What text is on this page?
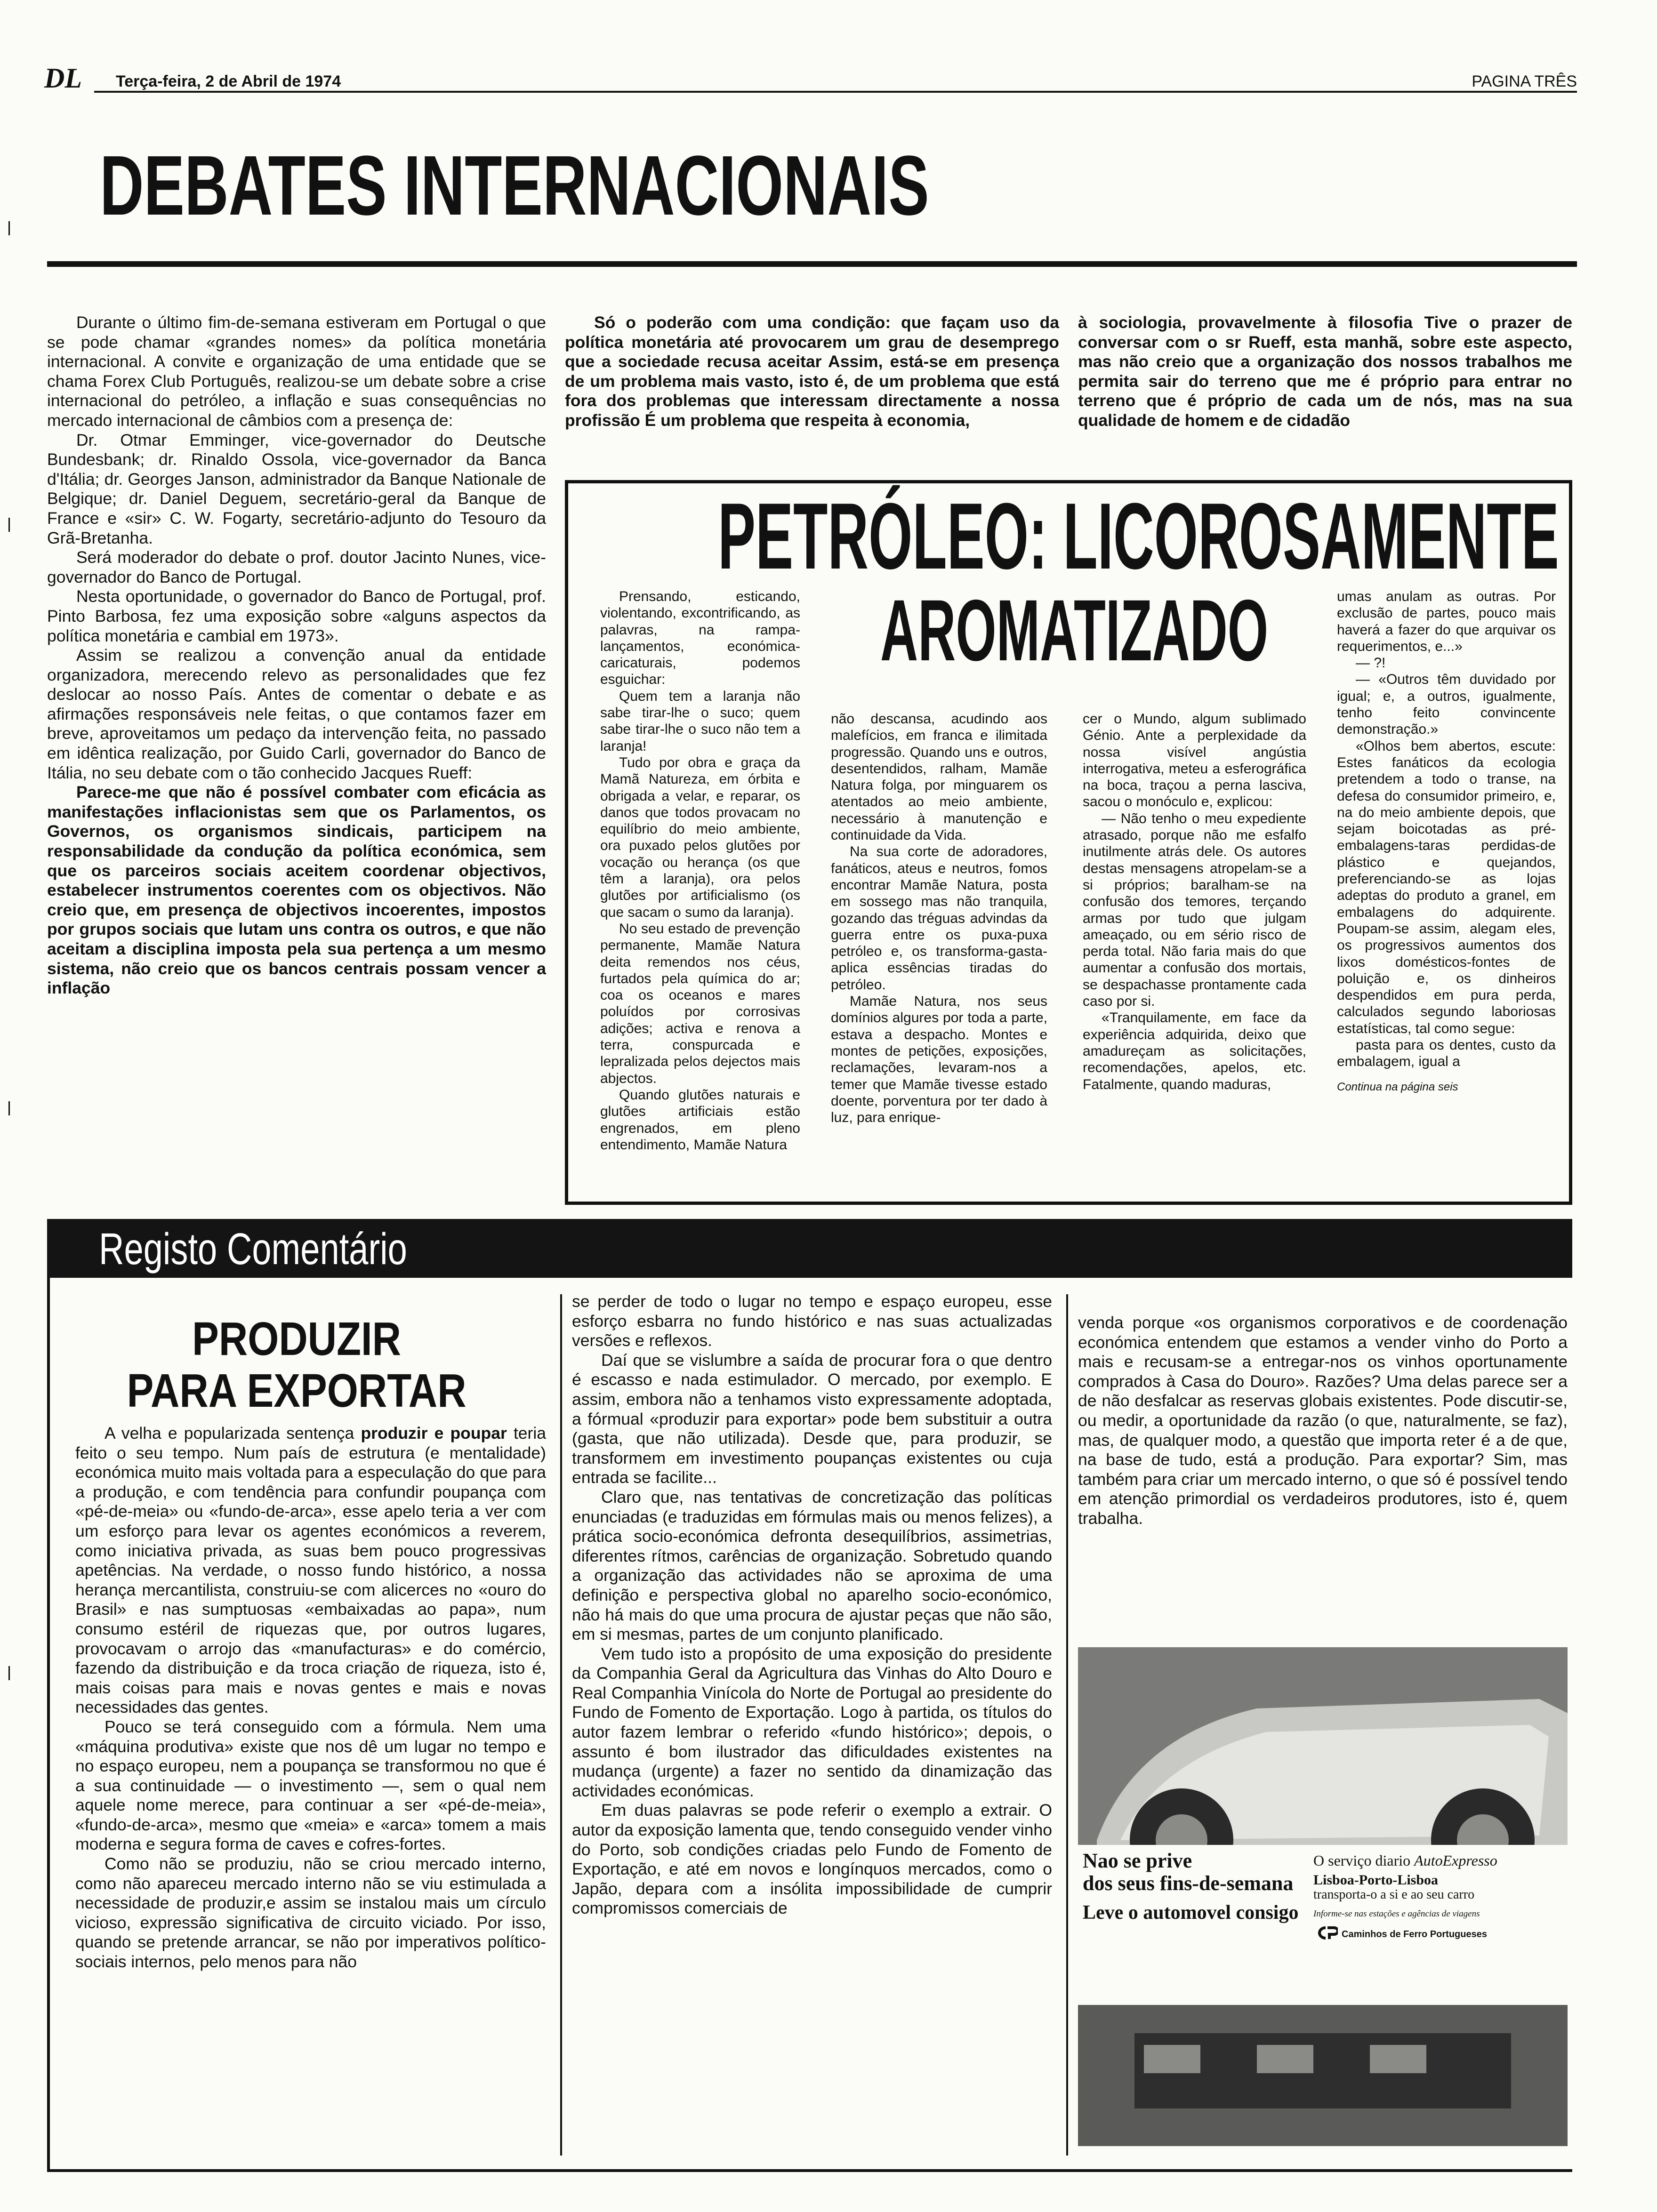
DL Terça-feira, 2 de Abril de 1974	PAGINA TRÊS
DEBATES INTERNACIONAIS

Durante o último fim-de-semana estiveram em Portugal o que se pode chamar «grandes nomes» da política monetária internacional. A convite e organização de uma entidade que se chama Forex Club Português, realizou-se um debate sobre a crise internacional do petróleo, a inflação e suas consequências no mercado internacional de câmbios com a presença de:

Dr. Otmar Emminger, vice-governador do Deutsche Bundesbank; dr. Rinaldo Ossola, vice-governador da Banca d'Itália; dr. Georges Janson, administrador da Banque Nationale de Belgique; dr. Daniel Deguem, secretário-geral da Banque de France e «sir» C. W. Fogarty, secretário-adjunto do Tesouro da Grã-Bretanha.

Será moderador do debate o prof. doutor Jacinto Nunes, vice-governador do Banco de Portugal.

Nesta oportunidade, o governador do Banco de Portugal, prof. Pinto Barbosa, fez uma exposição sobre «alguns aspectos da política monetária e cambial em 1973».

Assim se realizou a convenção anual da entidade organizadora, merecendo relevo as personalidades que fez deslocar ao nosso País. Antes de comentar o debate e as afirmações responsáveis nele feitas, o que contamos fazer em breve, aproveitamos um pedaço da intervenção feita, no passado em idêntica realização, por Guido Carli, governador do Banco de Itália, no seu debate com o tão conhecido Jacques Rueff:

Parece-me que não é possível combater com eficácia as manifestações inflacionistas sem que os Parlamentos, os Governos, os organismos sindicais, participem na responsabilidade da condução da política económica, sem que os parceiros sociais aceitem coordenar objectivos, estabelecer instrumentos coerentes com os objectivos. Não creio que, em presença de objectivos incoerentes, impostos por grupos sociais que lutam uns contra os outros, e que não aceitam a disciplina imposta pela sua pertença a um mesmo sistema, não creio que os bancos centrais possam vencer a inflação

Só o poderão com uma condição: que façam uso da política monetária até provocarem um grau de desemprego que a sociedade recusa aceitar Assim, está-se em presença de um problema mais vasto, isto é, de um problema que está fora dos problemas que interessam directamente a nossa profissão É um problema que respeita à economia,

à sociologia, provavelmente à filosofia Tive o prazer de conversar com o sr Rueff, esta manhã, sobre este aspecto, mas não creio que a organização dos nossos trabalhos me permita sair do terreno que me é próprio para entrar no terreno que é próprio de cada um de nós, mas na sua qualidade de homem e de cidadão

PETRÓLEO: LICOROSAMENTE
AROMATIZADO

Prensando, esticando, violentando, excontrificando, as palavras, na rampa-lançamentos, económica-caricaturais, podemos esguichar:

Quem tem a laranja não sabe tirar-lhe o suco; quem sabe tirar-lhe o suco não tem a laranja!

Tudo por obra e graça da Mamã Natureza, em órbita e obrigada a velar, e reparar, os danos que todos provacam no equilíbrio do meio ambiente, ora puxado pelos glutões por vocação ou herança (os que têm a laranja), ora pelos glutões por artificialismo (os que sacam o sumo da laranja).

No seu estado de prevenção permanente, Mamãe Natura deita remendos nos céus, furtados pela química do ar; coa os oceanos e mares poluídos por corrosivas adições; activa e renova a terra, conspurcada e lepralizada pelos dejectos mais abjectos.

Quando glutões naturais e glutões artificiais estão engrenados, em pleno entendimento, Mamãe Natura

não descansa, acudindo aos malefícios, em franca e ilimitada progressão. Quando uns e outros, desentendidos, ralham, Mamãe Natura folga, por minguarem os atentados ao meio ambiente, necessário à manutenção e continuidade da Vida.

Na sua corte de adoradores, fanáticos, ateus e neutros, fomos encontrar Mamãe Natura, posta em sossego mas não tranquila, gozando das tréguas advindas da guerra entre os puxa-puxa petróleo e, os transforma-gasta-aplica essências tiradas do petróleo.

Mamãe Natura, nos seus domínios algures por toda a parte, estava a despacho. Montes e montes de petições, exposições, reclamações, levaram-nos a temer que Mamãe tivesse estado doente, porventura por ter dado à luz, para enrique-

cer o Mundo, algum sublimado Génio. Ante a perplexidade da nossa visível angústia interrogativa, meteu a esferográfica na boca, traçou a perna lasciva, sacou o monóculo e, explicou:

— Não tenho o meu expediente atrasado, porque não me esfalfo inutilmente atrás dele. Os autores destas mensagens atropelam-se a si próprios; baralham-se na confusão dos temores, terçando armas por tudo que julgam ameaçado, ou em sério risco de perda total. Não faria mais do que aumentar a confusão dos mortais, se despachasse prontamente cada caso por si.

«Tranquilamente, em face da experiência adquirida, deixo que amadureçam as solicitações, recomendações, apelos, etc. Fatalmente, quando maduras,

umas anulam as outras. Por exclusão de partes, pouco mais haverá a fazer do que arquivar os requerimentos, e...»

— ?!

— «Outros têm duvidado por igual; e, a outros, igualmente, tenho feito convincente demonstração.»

«Olhos bem abertos, escute: Estes fanáticos da ecologia pretendem a todo o transe, na defesa do consumidor primeiro, e, na do meio ambiente depois, que sejam boicotadas as pré-embalagens-taras perdidas-de plástico e quejandos, preferenciando-se as lojas adeptas do produto a granel, em embalagens do adquirente. Poupam-se assim, alegam eles, os progressivos aumentos dos lixos domésticos-fontes de poluição e, os dinheiros despendidos em pura perda, calculados segundo laboriosas estatísticas, tal como segue:

pasta para os dentes, custo da embalagem, igual a

Continua na página seis
Registo Comentário
PRODUZIR
PARA EXPORTAR

A velha e popularizada sentença produzir e poupar teria feito o seu tempo. Num país de estrutura (e mentalidade) económica muito mais voltada para a especulação do que para a produção, e com tendência para confundir poupança com «pé-de-meia» ou «fundo-de-arca», esse apelo teria a ver com um esforço para levar os agentes económicos a reverem, como iniciativa privada, as suas bem pouco progressivas apetências. Na verdade, o nosso fundo histórico, a nossa herança mercantilista, construiu-se com alicerces no «ouro do Brasil» e nas sumptuosas «embaixadas ao papa», num consumo estéril de riquezas que, por outros lugares, provocavam o arrojo das «manufacturas» e do comércio, fazendo da distribuição e da troca criação de riqueza, isto é, mais coisas para mais e novas gentes e mais e novas necessidades das gentes.

Pouco se terá conseguido com a fórmula. Nem uma «máquina produtiva» existe que nos dê um lugar no tempo e no espaço europeu, nem a poupança se transformou no que é a sua continuidade — o investimento —, sem o qual nem aquele nome merece, para continuar a ser «pé-de-meia», «fundo-de-arca», mesmo que «meia» e «arca» tomem a mais moderna e segura forma de caves e cofres-fortes.

Como não se produziu, não se criou mercado interno, como não apareceu mercado interno não se viu estimulada a necessidade de produzir,e assim se instalou mais um círculo vicioso, expressão significativa de circuito viciado. Por isso, quando se pretende arrancar, se não por imperativos político-sociais internos, pelo menos para não

se perder de todo o lugar no tempo e espaço europeu, esse esforço esbarra no fundo histórico e nas suas actualizadas versões e reflexos.

Daí que se vislumbre a saída de procurar fora o que dentro é escasso e nada estimulador. O mercado, por exemplo. E assim, embora não a tenhamos visto expressamente adoptada, a fórmual «produzir para exportar» pode bem substituir a outra (gasta, que não utilizada). Desde que, para produzir, se transformem em investimento poupanças existentes ou cuja entrada se facilite...

Claro que, nas tentativas de concretização das políticas enunciadas (e traduzidas em fórmulas mais ou menos felizes), a prática socio-económica defronta desequilíbrios, assimetrias, diferentes rítmos, carências de organização. Sobretudo quando a organização das actividades não se aproxima de uma definição e perspectiva global no aparelho socio-económico, não há mais do que uma procura de ajustar peças que não são, em si mesmas, partes de um conjunto planificado.

Vem tudo isto a propósito de uma exposição do presidente da Companhia Geral da Agricultura das Vinhas do Alto Douro e Real Companhia Vinícola do Norte de Portugal ao presidente do Fundo de Fomento de Exportação. Logo à partida, os títulos do autor fazem lembrar o referido «fundo histórico»; depois, o assunto é bom ilustrador das dificuldades existentes na mudança (urgente) a fazer no sentido da dinamização das actividades económicas.

Em duas palavras se pode referir o exemplo a extrair. O autor da exposição lamenta que, tendo conseguido vender vinho do Porto, sob condições criadas pelo Fundo de Fomento de Exportação, e até em novos e longínquos mercados, como o Japão, depara com a insólita impossibilidade de cumprir compromissos comerciais de

venda porque «os organismos corporativos e de coordenação económica entendem que estamos a vender vinho do Porto a mais e recusam-se a entregar-nos os vinhos oportunamente comprados à Casa do Douro». Razões? Uma delas parece ser a de não desfalcar as reservas globais existentes. Pode discutir-se, ou medir, a oportunidade da razão (o que, naturalmente, se faz), mas, de qualquer modo, a questão que importa reter é a de que, na base de tudo, está a produção. Para exportar? Sim, mas também para criar um mercado interno, o que só é possível tendo em atenção primordial os verdadeiros produtores, isto é, quem trabalha.

Nao se prive
dos seus fins-de-semana
Leve o automovel consigo
O serviço diario AutoExpresso
Lisboa-Porto-Lisboa
transporta-o a si e ao seu carro
Informe-se nas estações e agências de viagens
Caminhos de Ferro Portugueses
